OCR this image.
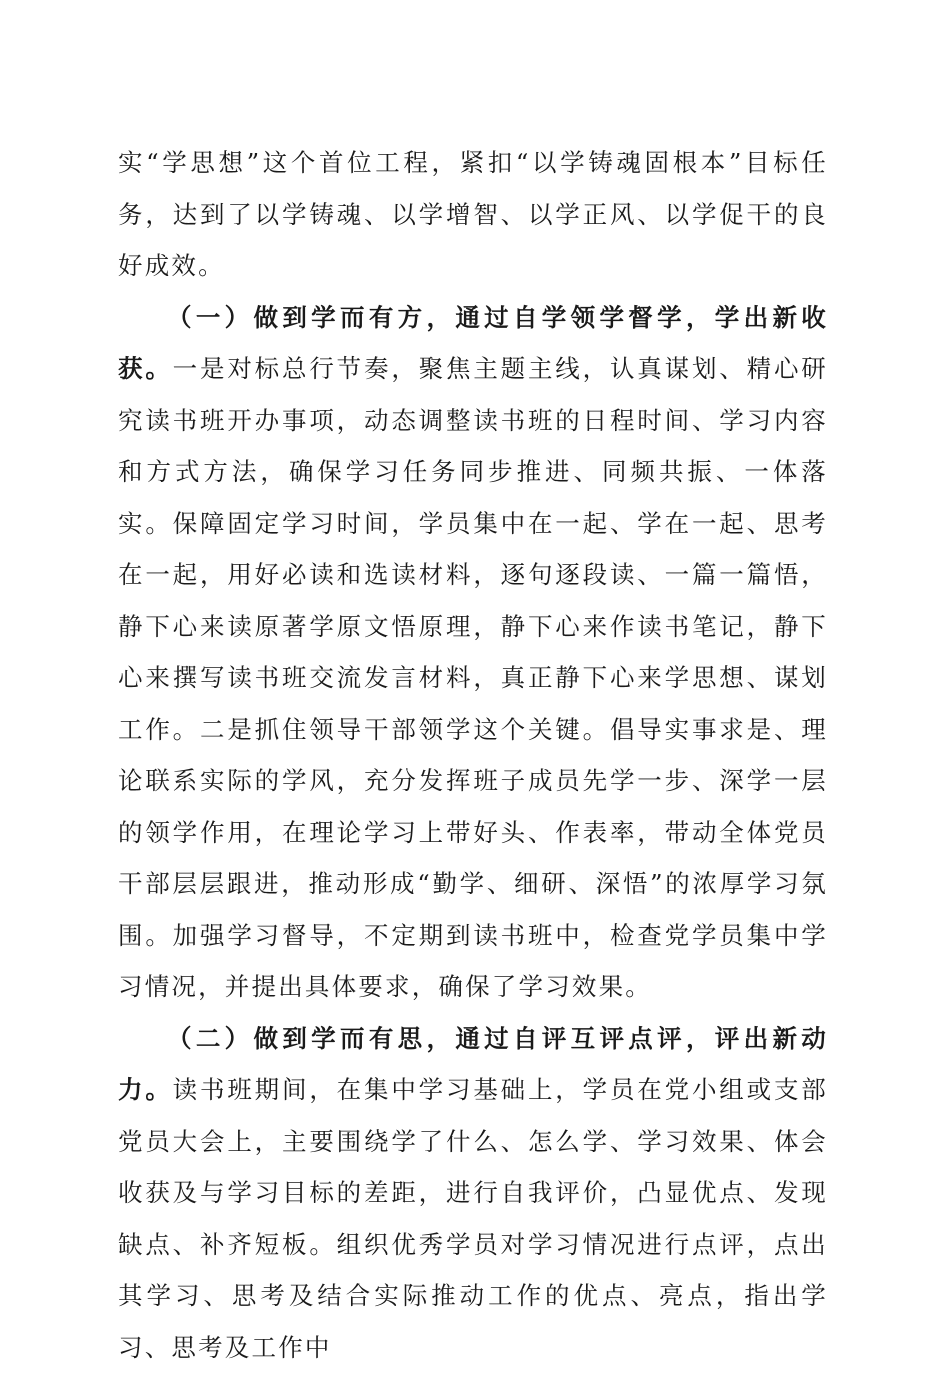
实“学思想”这个首位工程，紧扣“以学铸魂固根本”目标任务，达到了以学铸魂、以学增智、以学正风、以学促干的良好成效。

（一）做到学而有方，通过自学领学督学，学出新收获。一是对标总行节奏，聚焦主题主线，认真谋划、精心研究读书班开办事项，动态调整读书班的日程时间、学习内容和方式方法，确保学习任务同步推进、同频共振、一体落实。保障固定学习时间，学员集中在一起、学在一起、思考在一起，用好必读和选读材料，逐句逐段读、一篇一篇悟，静下心来读原著学原文悟原理，静下心来作读书笔记，静下心来撰写读书班交流发言材料，真正静下心来学思想、谋划工作。二是抓住领导干部领学这个关键。倡导实事求是、理论联系实际的学风，充分发挥班子成员先学一步、深学一层的领学作用，在理论学习上带好头、作表率，带动全体党员干部层层跟进，推动形成“勤学、细研、深悟”的浓厚学习氛围。加强学习督导，不定期到读书班中，检查党学员集中学习情况，并提出具体要求，确保了学习效果。

（二）做到学而有思，通过自评互评点评，评出新动力。读书班期间，在集中学习基础上，学员在党小组或支部党员大会上，主要围绕学了什么、怎么学、学习效果、体会收获及与学习目标的差距，进行自我评价，凸显优点、发现缺点、补齐短板。组织优秀学员对学习情况进行点评，点出其学习、思考及结合实际推动工作的优点、亮点，指出学习、思考及工作中
